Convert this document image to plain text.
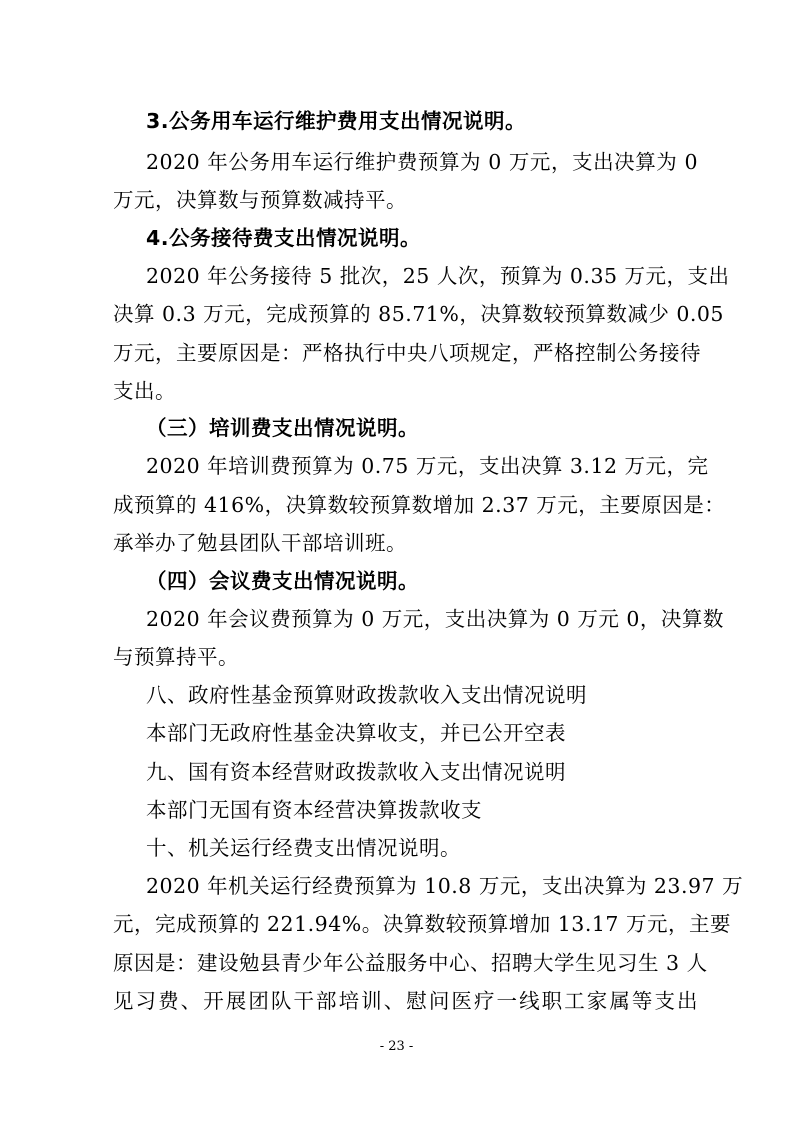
3.公务用车运行维护费用支出情况说明。
2020 年公务用车运行维护费预算为 0 万元，支出决算为 0
万元，决算数与预算数减持平。
4.公务接待费支出情况说明。
2020 年公务接待 5 批次，25 人次，预算为 0.35 万元，支出
决算 0.3 万元，完成预算的 85.71%，决算数较预算数减少 0.05
万元，主要原因是：严格执行中央八项规定，严格控制公务接待
支出。
（三）培训费支出情况说明。
2020 年培训费预算为 0.75 万元，支出决算 3.12 万元，完
成预算的 416%，决算数较预算数增加 2.37 万元，主要原因是：
承举办了勉县团队干部培训班。
（四）会议费支出情况说明。
2020 年会议费预算为 0 万元，支出决算为 0 万元 0，决算数
与预算持平。
八、政府性基金预算财政拨款收入支出情况说明
本部门无政府性基金决算收支，并已公开空表
九、国有资本经营财政拨款收入支出情况说明
本部门无国有资本经营决算拨款收支
十、机关运行经费支出情况说明。
2020 年机关运行经费预算为 10.8 万元，支出决算为 23.97 万
元，完成预算的 221.94%。决算数较预算增加 13.17 万元，主要
原因是：建设勉县青少年公益服务中心、招聘大学生见习生 3 人
见习费、开展团队干部培训、慰问医疗一线职工家属等支出
- 23 -
